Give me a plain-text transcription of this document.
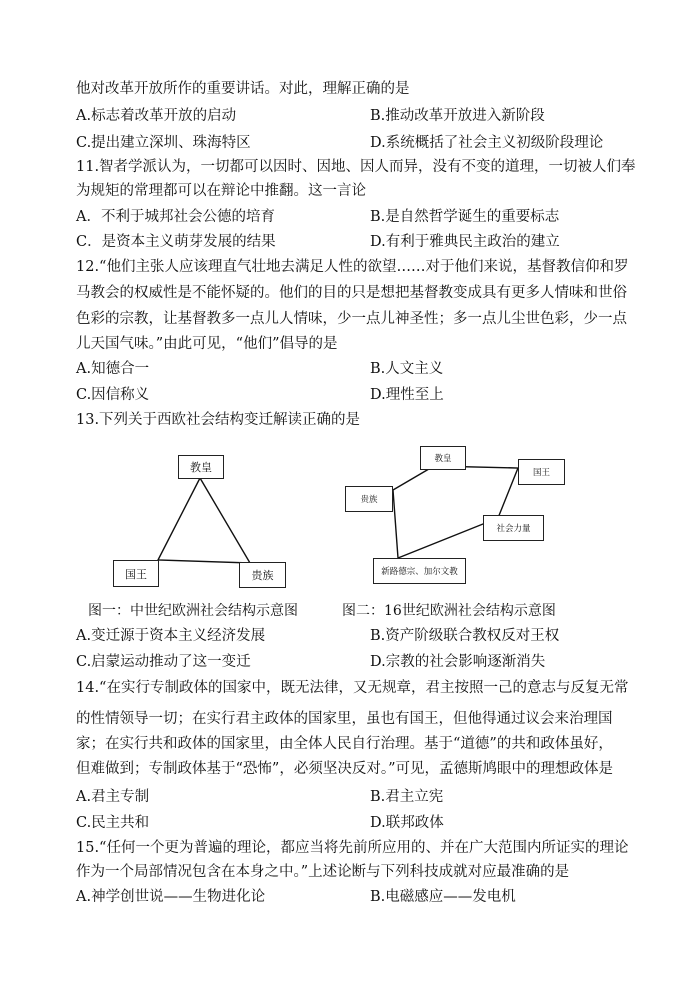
他对改革开放所作的重要讲话。对此，理解正确的是
A.标志着改革开放的启动	B.推动改革开放进入新阶段
C.提出建立深圳、珠海特区	D.系统概括了社会主义初级阶段理论
11.智者学派认为，一切都可以因时、因地、因人而异，没有不变的道理，一切被人们奉
为规矩的常理都可以在辩论中推翻。这一言论
A．不利于城邦社会公德的培育	B.是自然哲学诞生的重要标志
C．是资本主义萌芽发展的结果	D.有利于雅典民主政治的建立
12.“他们主张人应该理直气壮地去满足人性的欲望……对于他们来说，基督教信仰和罗
马教会的权威性是不能怀疑的。他们的目的只是想把基督教变成具有更多人情味和世俗
色彩的宗教，让基督教多一点儿人情味，少一点儿神圣性；多一点儿尘世色彩，少一点
儿天国气味。”由此可见，“他们”倡导的是
A.知德合一	B.人文主义
C.因信称义	D.理性至上
13.下列关于西欧社会结构变迁解读正确的是
教皇
国王	贵族
教皇
国王
贵族
社会力量
新路德宗、加尔文教
图一：中世纪欧洲社会结构示意图	图二：16世纪欧洲社会结构示意图
A.变迁源于资本主义经济发展	B.资产阶级联合教权反对王权
C.启蒙运动推动了这一变迁	D.宗教的社会影响逐渐消失
14.“在实行专制政体的国家中，既无法律，又无规章，君主按照一己的意志与反复无常
的性情领导一切；在实行君主政体的国家里，虽也有国王，但他得通过议会来治理国
家；在实行共和政体的国家里，由全体人民自行治理。基于“道德”的共和政体虽好，
但难做到；专制政体基于“恐怖”，必须坚决反对。”可见，孟德斯鸠眼中的理想政体是
A.君主专制	B.君主立宪
C.民主共和	D.联邦政体
15.“任何一个更为普遍的理论，都应当将先前所应用的、并在广大范围内所证实的理论
作为一个局部情况包含在本身之中。”上述论断与下列科技成就对应最准确的是
A.神学创世说——生物进化论	B.电磁感应——发电机
